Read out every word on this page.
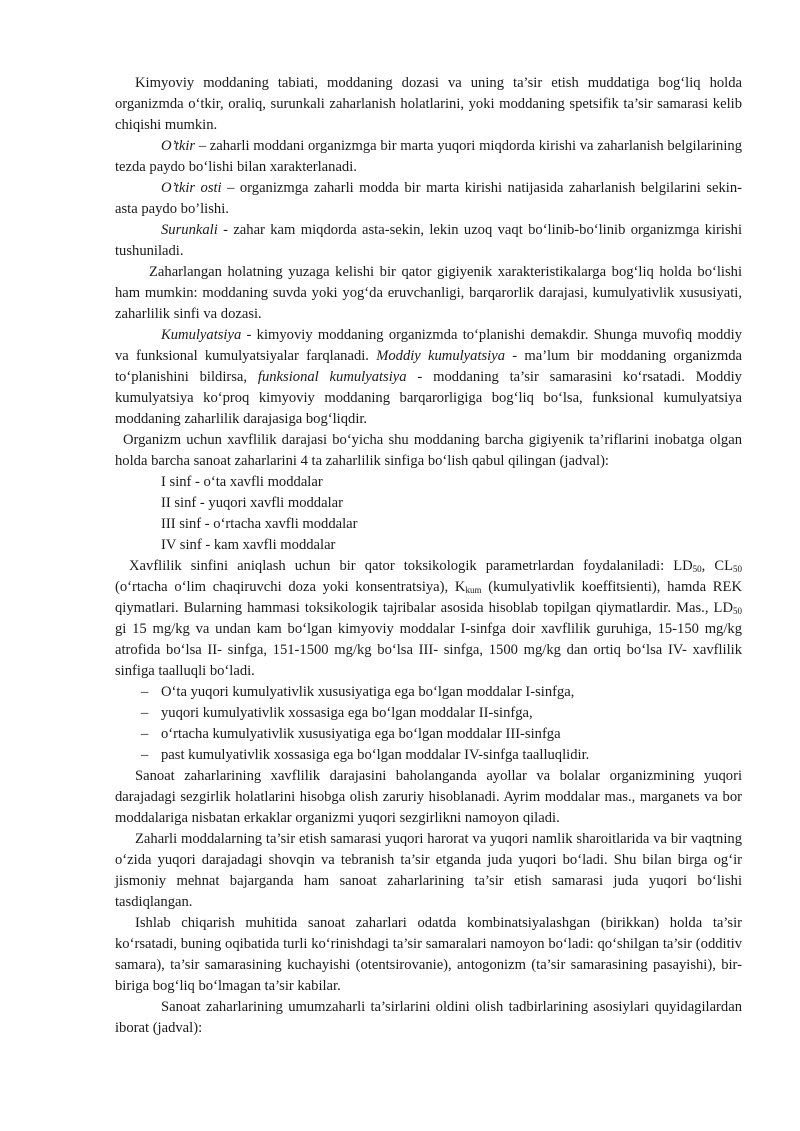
Kimyoviy moddaning tabiati, moddaning dozasi va uning ta’sir etish muddatiga bog‘liq holda organizmda o‘tkir, oraliq, surunkali zaharlanish holatlarini, yoki moddaning spetsifik ta’sir samarasi kelib chiqishi mumkin.

O’tkir – zaharli moddani organizmga bir marta yuqori miqdorda kirishi va zaharlanish belgilarining tezda paydo bo‘lishi bilan xarakterlanadi.

O’tkir osti – organizmga zaharli modda bir marta kirishi natijasida zaharlanish belgilarini sekin-asta paydo bo’lishi.

Surunkali - zahar kam miqdorda asta-sekin, lekin uzoq vaqt bo‘linib-bo‘linib organizmga kirishi tushuniladi.

Zaharlangan holatning yuzaga kelishi bir qator gigiyenik xarakteristikalarga bog‘liq holda bo‘lishi ham mumkin: moddaning suvda yoki yog‘da eruvchanligi, barqarorlik darajasi, kumulyativlik xususiyati, zaharlilik sinfi va dozasi.

Kumulyatsiya - kimyoviy moddaning organizmda to‘planishi demakdir. Shunga muvofiq moddiy va funksional kumulyatsiyalar farqlanadi. Moddiy kumulyatsiya - ma’lum bir moddaning organizmda to‘planishini bildirsa, funksional kumulyatsiya - moddaning ta’sir samarasini ko‘rsatadi. Moddiy kumulyatsiya ko‘proq kimyoviy moddaning barqarorligiga bog‘liq bo‘lsa, funksional kumulyatsiya moddaning zaharlilik darajasiga bog‘liqdir.

Organizm uchun xavflilik darajasi bo‘yicha shu moddaning barcha gigiyenik ta’riflarini inobatga olgan holda barcha sanoat zaharlarini 4 ta zaharlilik sinfiga bo‘lish qabul qilingan (jadval):

I sinf - o‘ta xavfli moddalar

II sinf - yuqori xavfli moddalar

III sinf - o‘rtacha xavfli moddalar

IV sinf - kam xavfli moddalar

Xavflilik sinfini aniqlash uchun bir qator toksikologik parametrlardan foydalaniladi: $LD_{50}$, $CL_{50}$ (o‘rtacha o‘lim chaqiruvchi doza yoki konsentratsiya), $K_{kum}$ (kumulyativlik koeffitsienti), hamda REK qiymatlari. Bularning hammasi toksikologik tajribalar asosida hisoblab topilgan qiymatlardir. Mas., $LD_{50}$ gi 15 mg/kg va undan kam bo‘lgan kimyoviy moddalar I-sinfga doir xavflilik guruhiga, 15-150 mg/kg atrofida bo‘lsa II- sinfga, 151-1500 mg/kg bo‘lsa III- sinfga, 1500 mg/kg dan ortiq bo‘lsa IV- xavflilik sinfiga taalluqli bo‘ladi.

– O‘ta yuqori kumulyativlik xususiyatiga ega bo‘lgan moddalar I-sinfga,
– yuqori kumulyativlik xossasiga ega bo‘lgan moddalar II-sinfga,
– o‘rtacha kumulyativlik xususiyatiga ega bo‘lgan moddalar III-sinfga
– past kumulyativlik xossasiga ega bo‘lgan moddalar IV-sinfga taalluqlidir.

Sanoat zaharlarining xavflilik darajasini baholanganda ayollar va bolalar organizmining yuqori darajadagi sezgirlik holatlarini hisobga olish zaruriy hisoblanadi. Ayrim moddalar mas., marganets va bor moddalariga nisbatan erkaklar organizmi yuqori sezgirlikni namoyon qiladi.

Zaharli moddalarning ta’sir etish samarasi yuqori harorat va yuqori namlik sharoitlarida va bir vaqtning o‘zida yuqori darajadagi shovqin va tebranish ta’sir etganda juda yuqori bo‘ladi. Shu bilan birga og‘ir jismoniy mehnat bajarganda ham sanoat zaharlarining ta’sir etish samarasi juda yuqori bo‘lishi tasdiqlangan.

Ishlab chiqarish muhitida sanoat zaharlari odatda kombinatsiyalashgan (birikkan) holda ta’sir ko‘rsatadi, buning oqibatida turli ko‘rinishdagi ta’sir samaralari namoyon bo‘ladi: qo‘shilgan ta’sir (odditiv samara), ta’sir samarasining kuchayishi (otentsirovanie), antogonizm (ta’sir samarasining pasayishi), bir-biriga bog‘liq bo‘lmagan ta’sir kabilar.

Sanoat zaharlarining umumzaharli ta’sirlarini oldini olish tadbirlarining asosiylari quyidagilardan iborat (jadval):
